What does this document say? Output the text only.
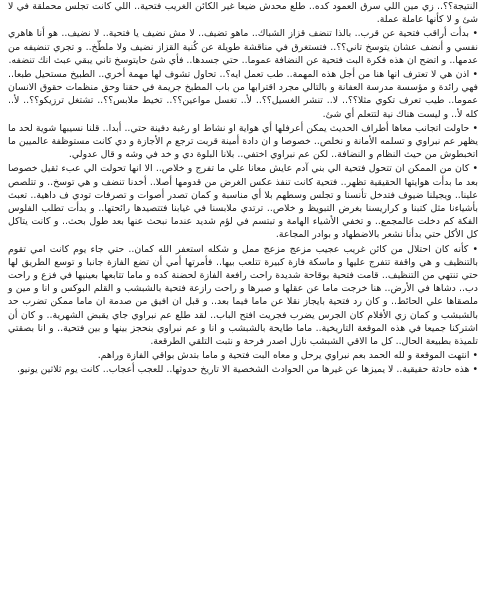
النتيجة؟؟.. زي مين اللي سرق العمود كده.. طلع محدش ضيعا غير الكائن الغريب فتحية.. اللي كانت تجلس محملقة في لا شئ و لا كأنها عاملة عملة.

• بدأت أراقب فتحية عن قرب.. بالذا تنضف قزاز الشباك.. ماهو تضيف.. لا مش نضيف يا فتحية.. لا نضيف.. هو أنا هاهري نفسي و أنضف عشان يتوسخ تاني؟؟.. فتستغرق في مناقشة طويلة عن كُنية القزاز نضيف ولا ملطّخ.. و تجري تنضيفه من عدمها.. و اتضح ان هذه فكرة البت فتحية عن النضافة عموما.. حتي جسدها.. فأي شئ حايتوسخ تاني يبقي عبث انك تنضفه.

• اذن هي لا تعترف انها هنا من أجل هذه المهمة.. طب تعمل ايه؟.. تحاول تشوف لها مهمة أخري.. الطبيخ مستحيل طبعا.. فهي رائدة و مؤسسة مدرسة العفانة و بالتالي مجرد اقترابها من باب المطبخ جريمة في حقنا وحق منظمات حقوق الانسان عموما.. طيب تعرف تكوي مثلا؟؟.. لا.. تنشر الغسيل؟؟.. لأ.. تغسل مواعين؟؟.. تخيط ملابس؟؟.. تشتغل ترزيكو؟؟.. لأ.. كله لأ.. و ليست هناك نية لتتعلم أي شئ.

• حاولت اتجانب معاها أطراف الحديث يمكن أعرفلها أي هواية او نشاط او رغبة دفينة حتي.. أبدا.. قلنا نسيبها شوية لحد ما يظهر عم نبراوي و تسلمه الأمانة و نخلص.. خصوصا و ان دادة أمينة قربت ترجع م الأجازة و دي كانت مستوظفة عالميين ما اتخبطوش من حيث النظام و النضافة.. لكن عم نبراوي اختفي.. بلانا البلوة دي و خد في وشه و قال عدولي.

• كان من الممكن ان تتحول فتحية الي بني آدم عايش معانا علي ما تفرج و خلاص.. الا انها تحولت الي عبء ثقيل خصوصا بعد ما بدأت هوايتها الحقيقية تظهر.. فتحية كانت تنفذ عكس الغرض من قدومها أصلا.. أخدنا تنضف و هي توسخ.. و تتلصص علينا.. ويجيلنا ضيوف فتدخل تأنسنا و تجلس وسطهم بلا أي مناسبة و كمان تصدر أصوات و تصرفات تودي ف داهية.. تعبث بأشياءنا مثل كتبنا و كراريسنا بغرض التبويظ و خلاص.. ترتدي ملابسنا في غيابنا فتتصيدها رائحتها.. و بدأت تطلب الفلوس الفكة كم دخلت عالمجمع.. و تخفي الأشياء الهامة و تبتسم في لؤم شديد عندما نبحث عنها بعد طول بحث.. و كانت يتاكل كل الأكل حتي بدأنا نشعر بالاضطهاد و بوادر المجاعة.

• كأنه كان احتلال من كائن غريب عجيب مزعج مزعج ممل و شكله استعفر الله كمان.. حتي جاء يوم كانت امي تقوم بالتنظيف و هي واقفة تتفرج عليها و ماسكة فازة كبيرة تتلعب بيها.. فأمرتها أمي أن تضع الفازة جانبا و توسع الطريق لها حتي تنتهي من التنظيف.. قامت فتحية بوقاحة شديدة راحت رافعة الفازة لحضنة كده و ماما تتابعها بعينيها في فزع و راحت دب.. دشاها في الأرض.. هنا خرجت ماما عن عقلها و صبرها و راحت رازعة فتحية بالشبشب و القلم البوكس و انا و مين و ملصقاها علي الحائط.. و كان رد فتحية بايجاز نقلا عن ماما فيما بعد.. و قبل ان افيق من صدمة ان ماما ممكن تضرب حد بالشبشب و كمان زي الأفلام كان الجرس يضرب فجريت افتح الباب.. لقد طلع عم نبراوي جاي يقبض الشهرية.. و كان أن اشتركنا جميعا في هذه الموقعة التاريخية.. ماما طايحة بالشبشب و انا و عم نبراوي بنحجز بينها و بين فتحية.. و انا بصقتي تلميذة بطبيعة الحال.. كل ما الاقي الشبشب نازل اصدر فرحة و نثبت التلقي الطرقعة.

• انتهت الموقعة و لله الحمد بعم نبراوي يرحل و معاه البت فتحية و ماما بتدش بواقي الفازة وراهم.

• هذه حادثة حقيقية.. لا يميزها عن غيرها من الحوادث الشخصية الا تاريخ حدوثها.. للعجب أعجاب.. كانت يوم ثلاثين يونيو.
